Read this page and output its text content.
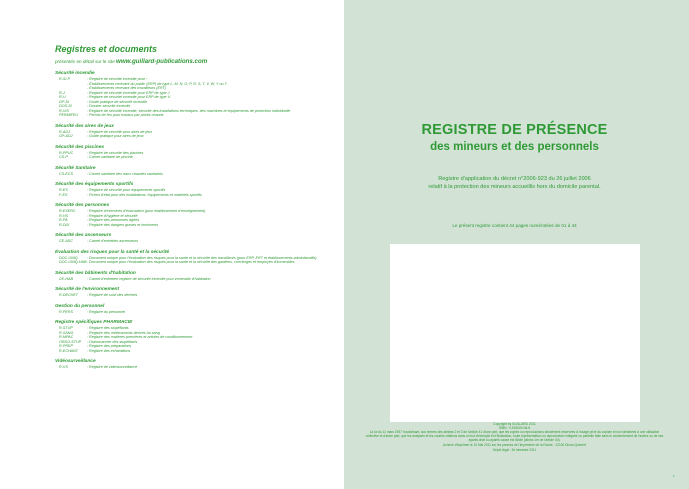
Registres et documents
présentés en détail sur le site www.guillard-publications.com
Sécurité incendie
R-SI-P	: Registre de sécurité incendie pour :
- Établissements recevant du public (ERP) de type L, M, N, O, P, R, S, T, V, W, Y ou Y
- Établissements recevant des travailleurs (ERT)
R-J	: Registre de sécurité incendie pour ERP de type J
R-U	: Registre de sécurité incendie pour ERP de type U
GP-SI	: Guide pratique de sécurité incendie
DOS-SI	: Dossier sécurité incendie
R-VIS	: Registre de sécurité incendie, sécurité des installations techniques, des machines et équipements de protection individuelle
PERMIFEU	: Permis de feu pour travaux par points chauds
Sécurité des aires de jeux
R-ADJ	: Registre de sécurité pour aires de jeux
GP-ADJ	: Guide pratique pour aires de jeux
Sécurité des piscines
R-PPUC	: Registre de sécurité des piscines
CS-P	: Carnet sanitaire de piscine
Sécurité Sanitaire
CS-ECS	: Carnet sanitaire des eaux chaudes sanitaires
Sécurité des équipements sportifs
R-ES	: Registre de sécurité pour équipements sportifs
F-ES	: Fiches d'état pour des installations, équipements et matériels sportifs
Sécurité des personnes
R-EXERC	: Registre d'exercices d'évacuation (pour établissement d'enseignement)
R-HS	: Registre d'hygiène et sécurité
R-PA	: Registre des personnes âgées
R-DGI	: Registre des dangers graves et imminents
Sécurité des ascenseurs
CE-ASC	: Carnet d'entretien ascenseurs
Évaluation des risques pour la santé et la sécurité
DOC-UNIQ	: Document unique pour l'évaluation des risques pour la santé et la sécurité des travailleurs (pour ERP, ERT et établissements administratifs)
DOC-UNIQ-HAB : Document unique pour l'évaluation des risques pour la santé et la sécurité des gardiens, concierges et employés d'immeubles
Sécurité des bâtiments d'habitation
CE-HAB	: Carnet d'entretien registre de sécurité incendie pour immeuble d'habitation
Sécurité de l'environnement
R-DECHET	: Registre de suivi des déchets
Gestion du personnel
R-PERS	: Registre du personnel
Registre spécifiques PHARMACIE
R-STUP	: Registre des stupéfiants
R-SANG	: Registre des médicaments dérivés du sang
R-MPAC	: Registre des matières premières et articles de conditionnement
ORDO-STUP	: Ordonnancier des stupéfiants
R-PREP	: Registre des préparations
R-ECHANT	: Registre des échantillons
Vidéosurveillance
R-VS	: Registre de vidéosurveillance
REGISTRE DE PRÉSENCE
des mineurs et des personnels
Registre d'application du décret n°2006-923 du 26 juillet 2006
relatif à la protection des mineurs accueillis hors du domicile parental.
Le présent registre contient 44 pages numérotées de 01 à 44
Copyright by GUILLARD 2011
ISBN : 0-915000-06-8
La loi du 11 mars 1957 n'autorisant, aux termes des alinéas 2 et 3 de l'article 41 d'une part, que les copies ou reproductions strictement réservées à l'usage privé du copiste et non destinées à une utilisation collective et d'autre part, que les analyses et les courtes citations dans un but d'exemple et d'illustration, toute représentation ou reproduction intégrale ou partielle faite sans le consentement de l'auteur ou de ses ayants droit ou ayants cause est illicite (alinéa 1er de l'article 40).
Achevé d'imprimer le 10 Mai 2011 sur les presses de l'imprimerie de la Roche - 22100 Dinan-Quévert
Dépôt légal : 2e trimestre 2011
1
